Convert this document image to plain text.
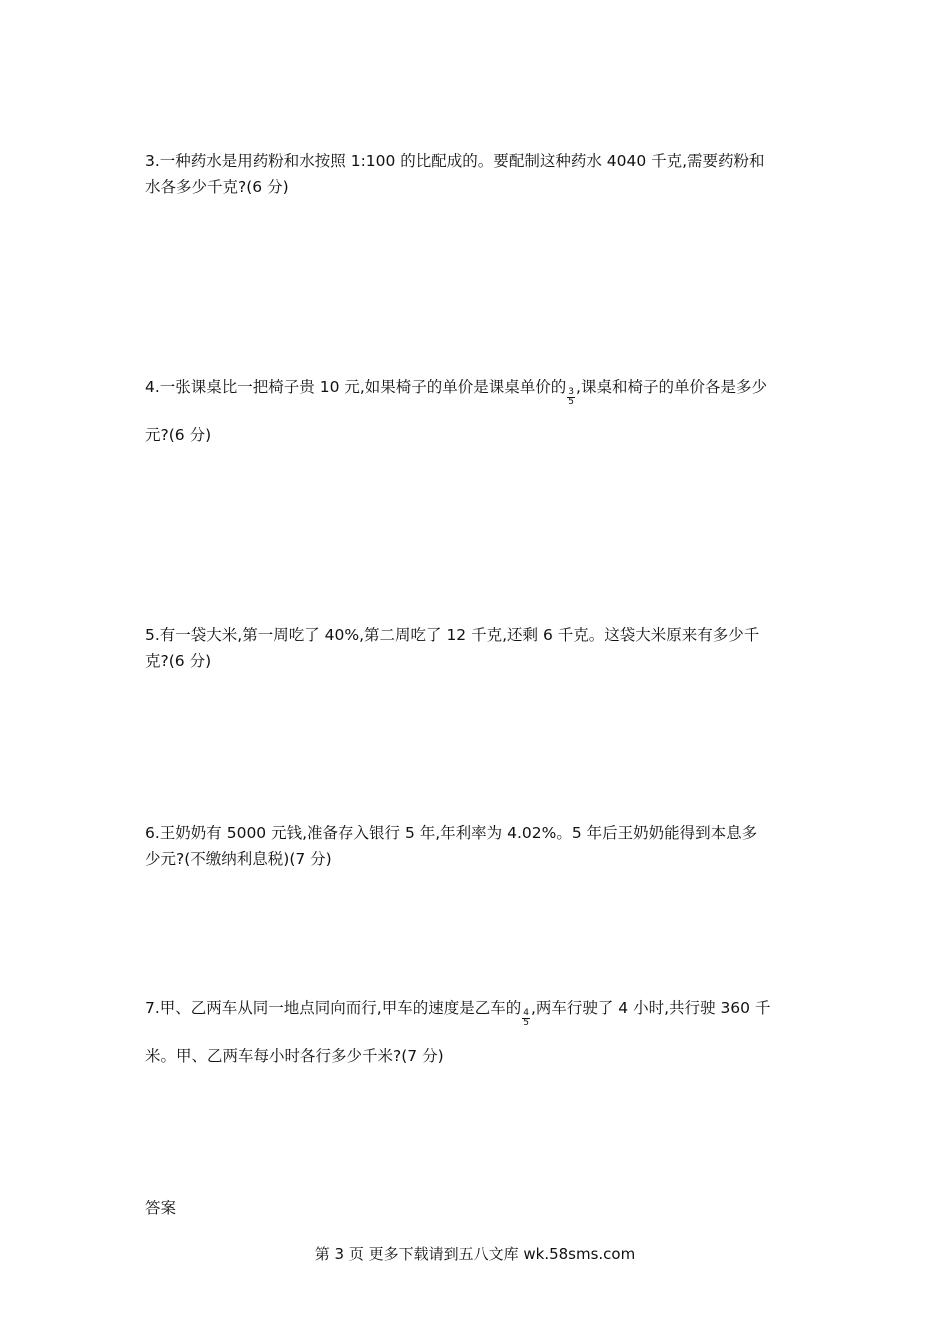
3.一种药水是用药粉和水按照 1:100 的比配成的。要配制这种药水 4040 千克,需要药粉和

水各多少千克?(6 分)

4.一张课桌比一把椅子贵 10 元,如果椅子的单价是课桌单价的
$\frac{3}{5}$
,课桌和椅子的单价各是多少

元?(6 分)

5.有一袋大米,第一周吃了 40%,第二周吃了 12 千克,还剩 6 千克。这袋大米原来有多少千

克?(6 分)

6.王奶奶有 5000 元钱,准备存入银行 5 年,年利率为 4.02%。5 年后王奶奶能得到本息多

少元?(不缴纳利息税)(7 分)

7.甲、乙两车从同一地点同向而行,甲车的速度是乙车的
$\frac{4}{5}$
,两车行驶了 4 小时,共行驶 360 千

米。甲、乙两车每小时各行多少千米?(7 分)

答案
第 3 页 更多下载请到五八文库 wk.58sms.com
